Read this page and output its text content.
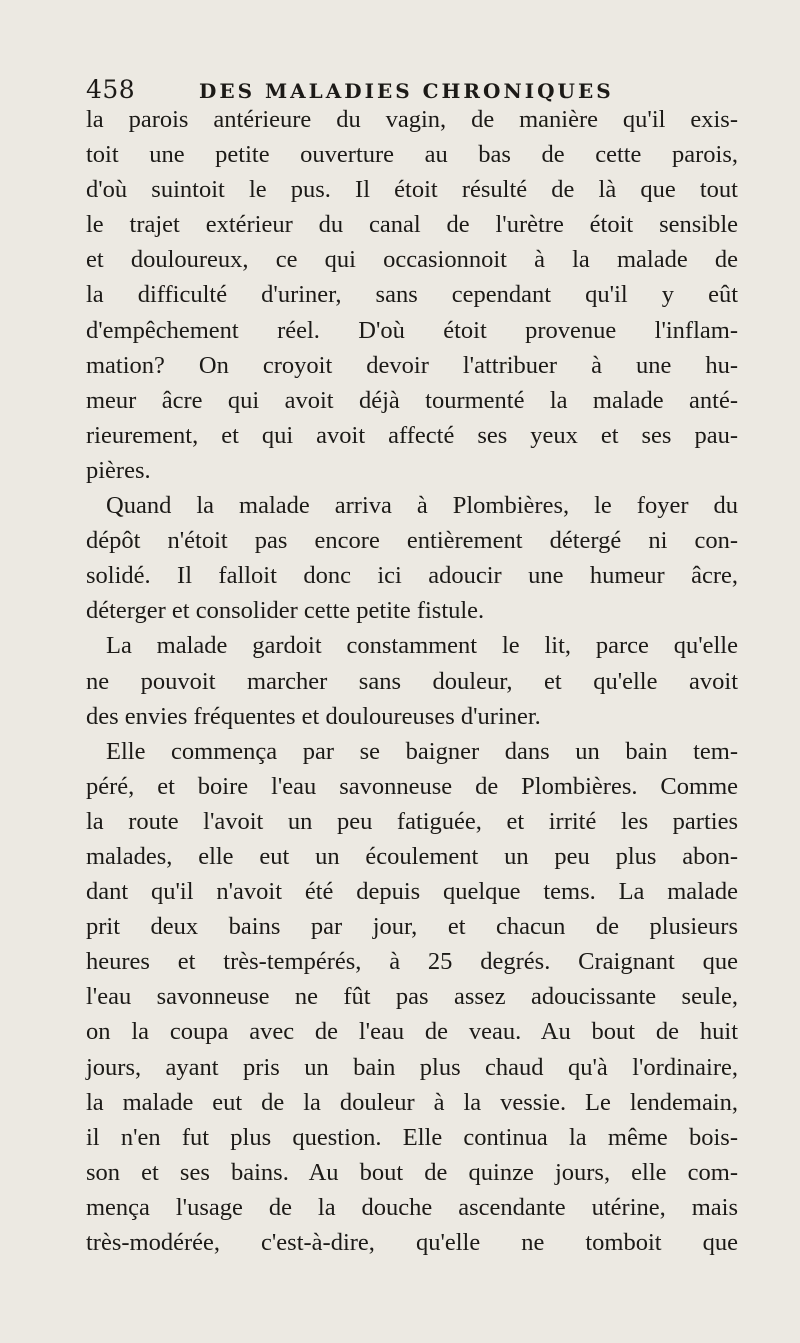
458	DES MALADIES CHRONIQUES
la parois antérieure du vagin, de manière qu'il exis-
toit une petite ouverture au bas de cette parois,
d'où suintoit le pus. Il étoit résulté de là que tout
le trajet extérieur du canal de l'urètre étoit sensible
et douloureux, ce qui occasionnoit à la malade de
la difficulté d'uriner, sans cependant qu'il y eût
d'empêchement réel. D'où étoit provenue l'inflam-
mation? On croyoit devoir l'attribuer à une hu-
meur âcre qui avoit déjà tourmenté la malade anté-
rieurement, et qui avoit affecté ses yeux et ses pau-
pières.
Quand la malade arriva à Plombières, le foyer du
dépôt n'étoit pas encore entièrement détergé ni con-
solidé. Il falloit donc ici adoucir une humeur âcre,
déterger et consolider cette petite fistule.
La malade gardoit constamment le lit, parce qu'elle
ne pouvoit marcher sans douleur, et qu'elle avoit
des envies fréquentes et douloureuses d'uriner.
Elle commença par se baigner dans un bain tem-
péré, et boire l'eau savonneuse de Plombières. Comme
la route l'avoit un peu fatiguée, et irrité les parties
malades, elle eut un écoulement un peu plus abon-
dant qu'il n'avoit été depuis quelque tems. La malade
prit deux bains par jour, et chacun de plusieurs
heures et très-tempérés, à 25 degrés. Craignant que
l'eau savonneuse ne fût pas assez adoucissante seule,
on la coupa avec de l'eau de veau. Au bout de huit
jours, ayant pris un bain plus chaud qu'à l'ordinaire,
la malade eut de la douleur à la vessie. Le lendemain,
il n'en fut plus question. Elle continua la même bois-
son et ses bains. Au bout de quinze jours, elle com-
mença l'usage de la douche ascendante utérine, mais
très-modérée, c'est-à-dire, qu'elle ne tomboit que
